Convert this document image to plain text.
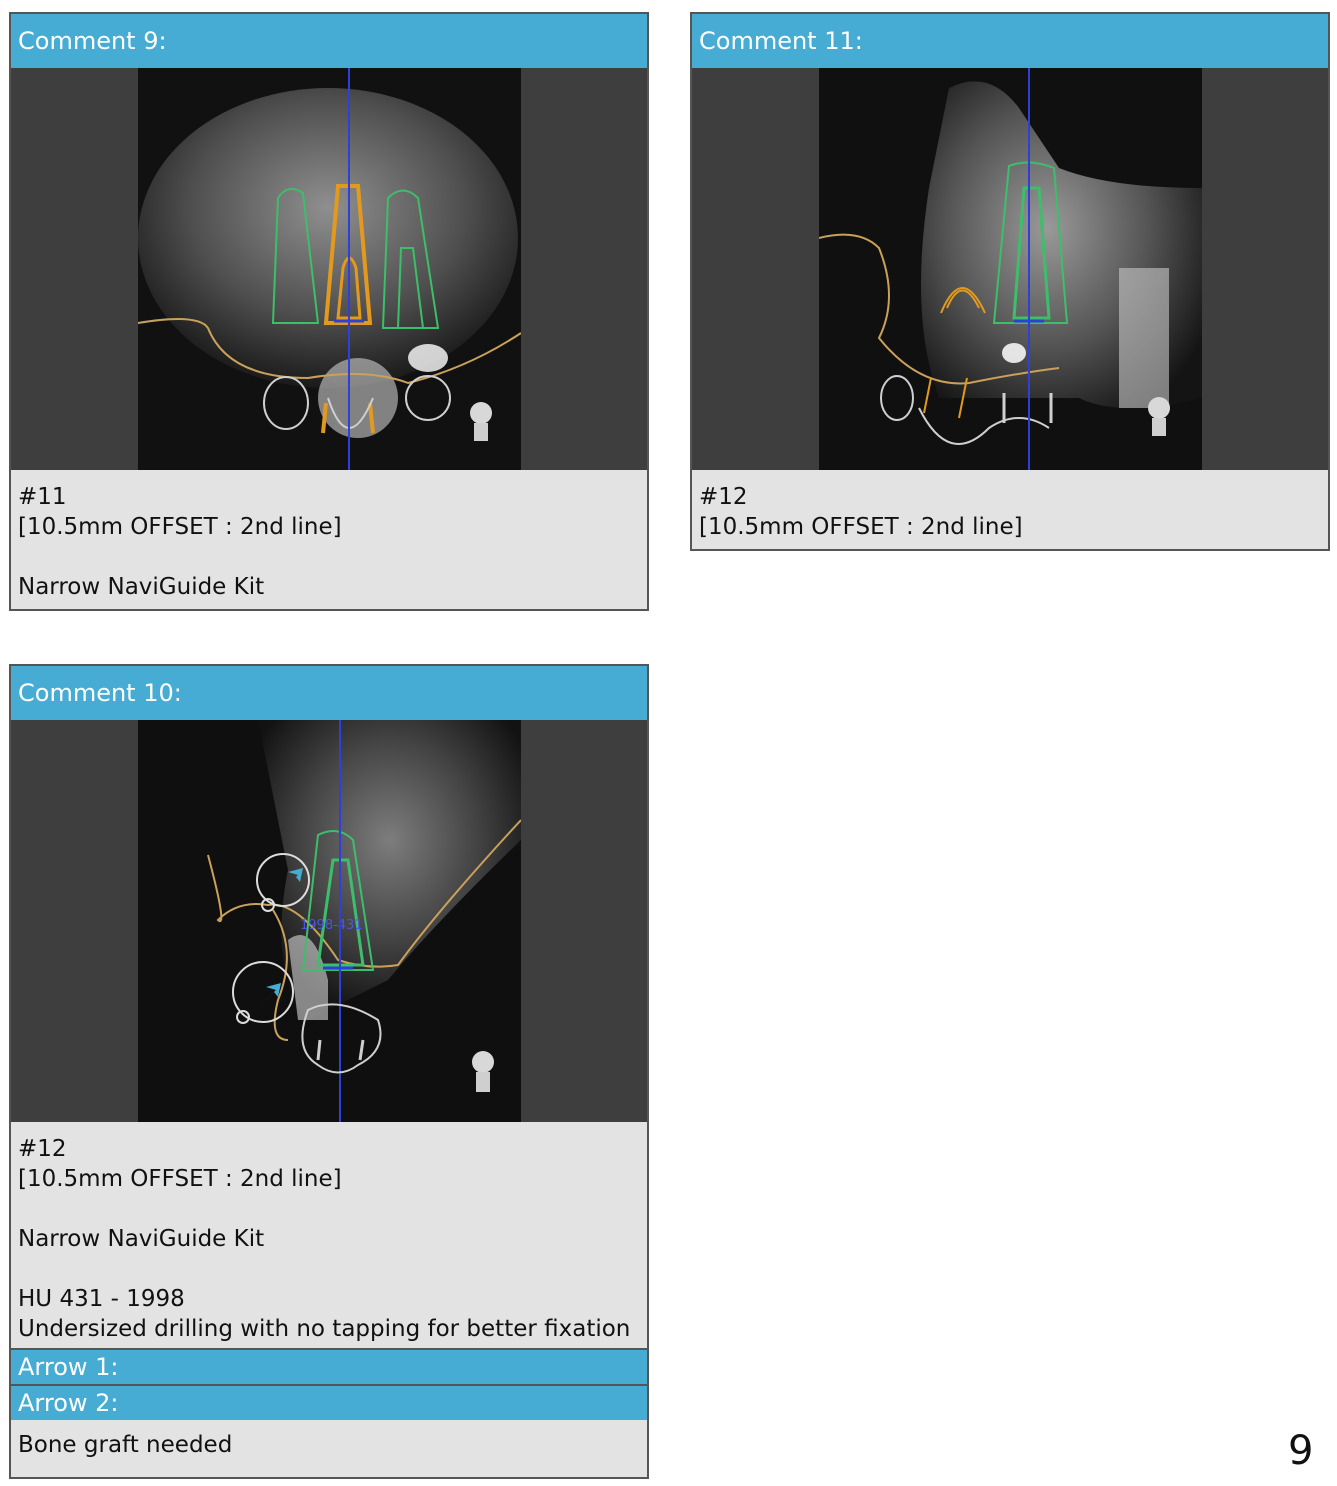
Comment 9:
#11
[10.5mm OFFSET : 2nd line]
Narrow NaviGuide Kit
Comment 11:
#12
[10.5mm OFFSET : 2nd line]
Comment 10:
1998-431
#12
[10.5mm OFFSET : 2nd line]
Narrow NaviGuide Kit
HU 431 - 1998
Undersized drilling with no tapping for better fixation
Arrow 1:
Arrow 2:
Bone graft needed	9
